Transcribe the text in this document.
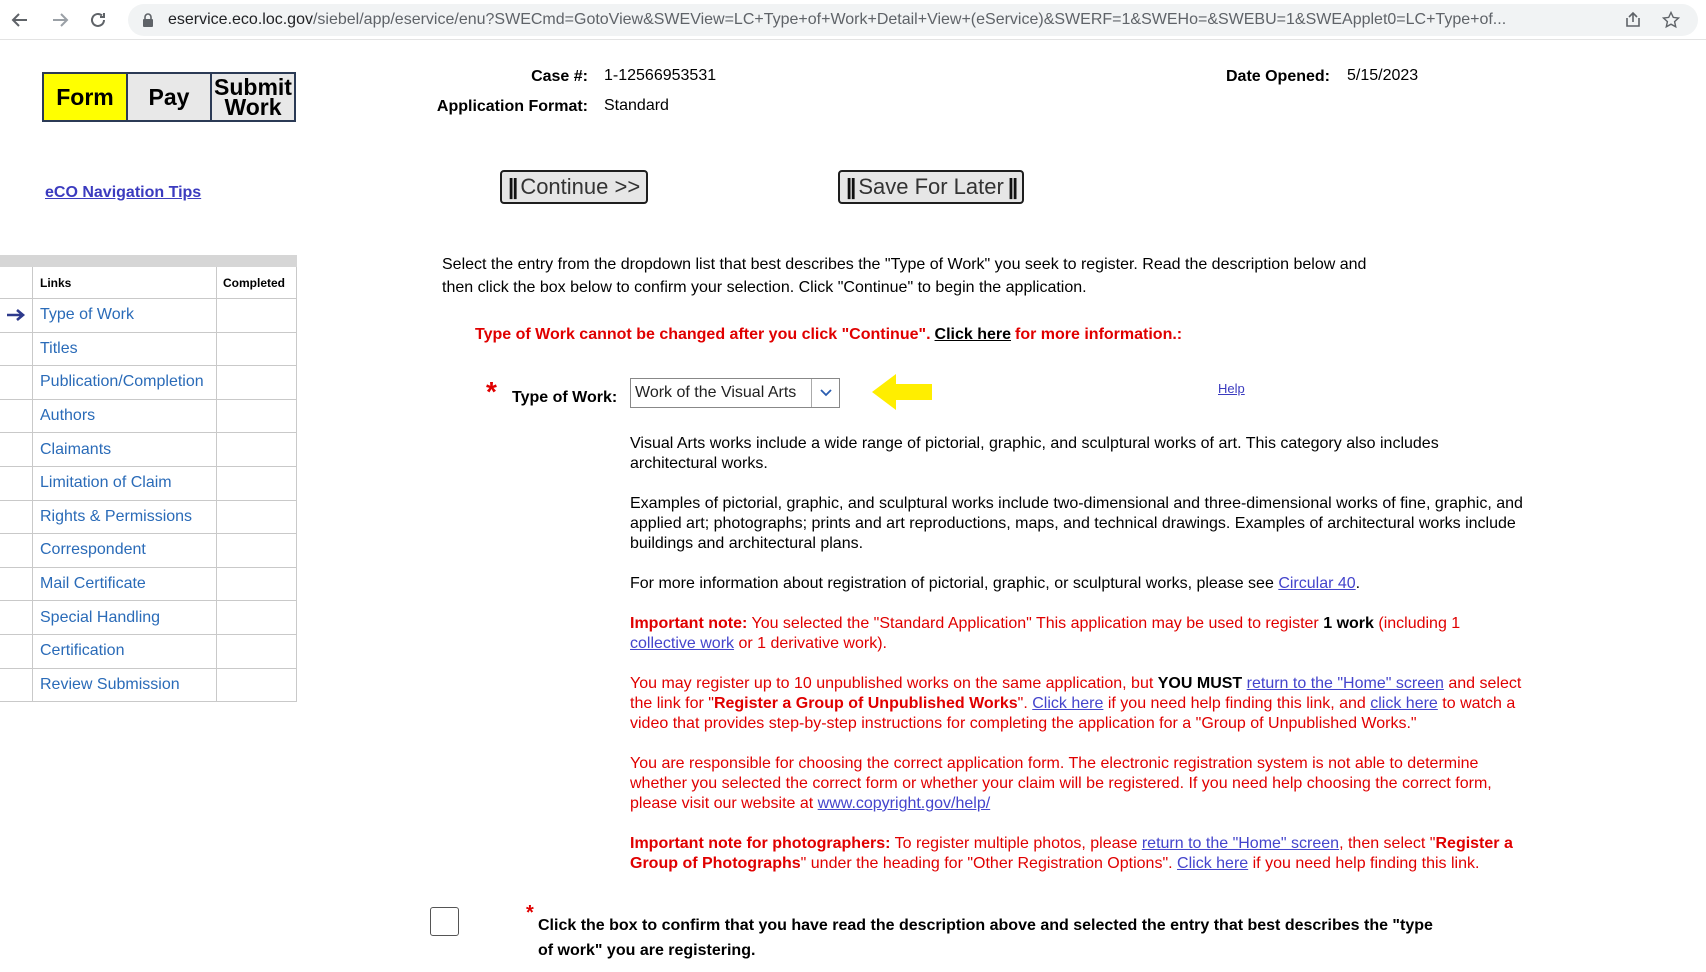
eservice.eco.loc.gov/siebel/app/eservice/enu?SWECmd=GotoView&SWEView=LC+Type+of+Work+Detail+View+(eService)&SWERF=1&SWEHo=&SWEBU=1&SWEApplet0=LC+Type+of...
Form Pay Submit
Work
eCO Navigation Tips
Links	Completed
Type of Work
Titles
Publication/Completion
Authors
Claimants
Limitation of Claim
Rights & Permissions
Correspondent
Mail Certificate
Special Handling
Certification
Review Submission
Case #: 1-12566953531
Application Format: Standard
Date Opened: 5/15/2023
|| Continue >>	|| Save For Later ||
Select the entry from the dropdown list that best describes the "Type of Work" you seek to register. Read the description below and then click the box below to confirm your selection. Click "Continue" to begin the application.
Type of Work cannot be changed after you click "Continue". Click here for more information.:
* Type of Work: Work of the Visual Arts	Help
Visual Arts works include a wide range of pictorial, graphic, and sculptural works of art. This category also includes architectural works.
Examples of pictorial, graphic, and sculptural works include two-dimensional and three-dimensional works of fine, graphic, and applied art; photographs; prints and art reproductions, maps, and technical drawings. Examples of architectural works include buildings and architectural plans.
For more information about registration of pictorial, graphic, or sculptural works, please see Circular 40.
Important note: You selected the "Standard Application" This application may be used to register 1 work (including 1 collective work or 1 derivative work).
You may register up to 10 unpublished works on the same application, but YOU MUST return to the "Home" screen and select the link for "Register a Group of Unpublished Works". Click here if you need help finding this link, and click here to watch a video that provides step-by-step instructions for completing the application for a "Group of Unpublished Works."
You are responsible for choosing the correct application form. The electronic registration system is not able to determine whether you selected the correct form or whether your claim will be registered. If you need help choosing the correct form, please visit our website at www.copyright.gov/help/
Important note for photographers: To register multiple photos, please return to the "Home" screen, then select "Register a Group of Photographs" under the heading for "Other Registration Options". Click here if you need help finding this link.
*
Click the box to confirm that you have read the description above and selected the entry that best describes the "type of work" you are registering.
